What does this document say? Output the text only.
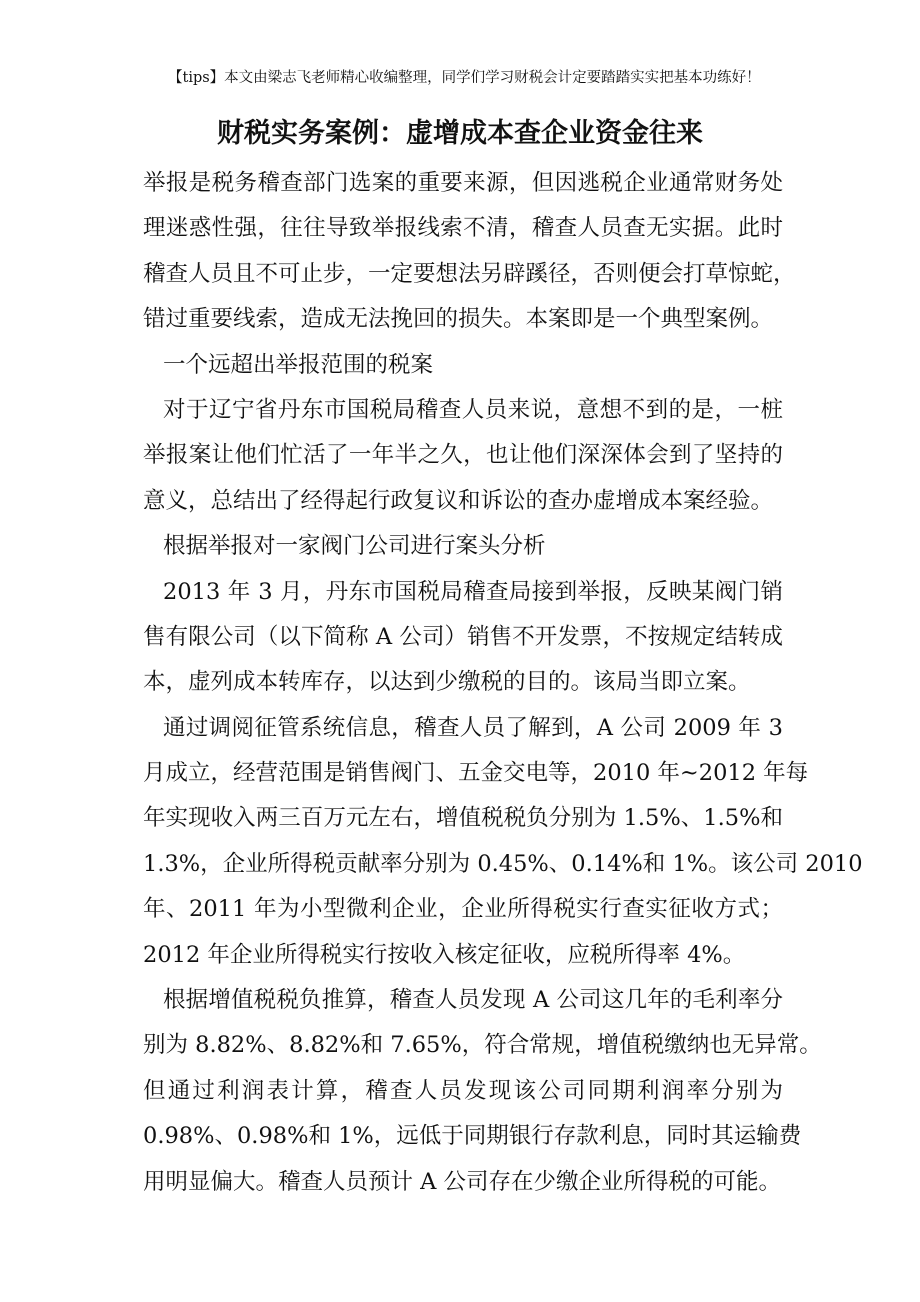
【tips】本文由梁志飞老师精心收编整理，同学们学习财税会计定要踏踏实实把基本功练好！
财税实务案例：虚增成本查企业资金往来
举报是税务稽查部门选案的重要来源，但因逃税企业通常财务处
理迷惑性强，往往导致举报线索不清，稽查人员查无实据。此时
稽查人员且不可止步，一定要想法另辟蹊径，否则便会打草惊蛇，
错过重要线索，造成无法挽回的损失。本案即是一个典型案例。
一个远超出举报范围的税案
对于辽宁省丹东市国税局稽查人员来说，意想不到的是，一桩
举报案让他们忙活了一年半之久，也让他们深深体会到了坚持的
意义，总结出了经得起行政复议和诉讼的查办虚增成本案经验。
根据举报对一家阀门公司进行案头分析
2013 年 3 月，丹东市国税局稽查局接到举报，反映某阀门销
售有限公司（以下简称 A 公司）销售不开发票，不按规定结转成
本，虚列成本转库存，以达到少缴税的目的。该局当即立案。
通过调阅征管系统信息，稽查人员了解到，A 公司 2009 年 3
月成立，经营范围是销售阀门、五金交电等，2010 年~2012 年每
年实现收入两三百万元左右，增值税税负分别为 1.5%、1.5%和
1.3%，企业所得税贡献率分别为 0.45%、0.14%和 1%。该公司 2010
年、2011 年为小型微利企业，企业所得税实行查实征收方式；
2012 年企业所得税实行按收入核定征收，应税所得率 4%。
根据增值税税负推算，稽查人员发现 A 公司这几年的毛利率分
别为 8.82%、8.82%和 7.65%，符合常规，增值税缴纳也无异常。
但通过利润表计算，稽查人员发现该公司同期利润率分别为
0.98%、0.98%和 1%，远低于同期银行存款利息，同时其运输费
用明显偏大。稽查人员预计 A 公司存在少缴企业所得税的可能。
